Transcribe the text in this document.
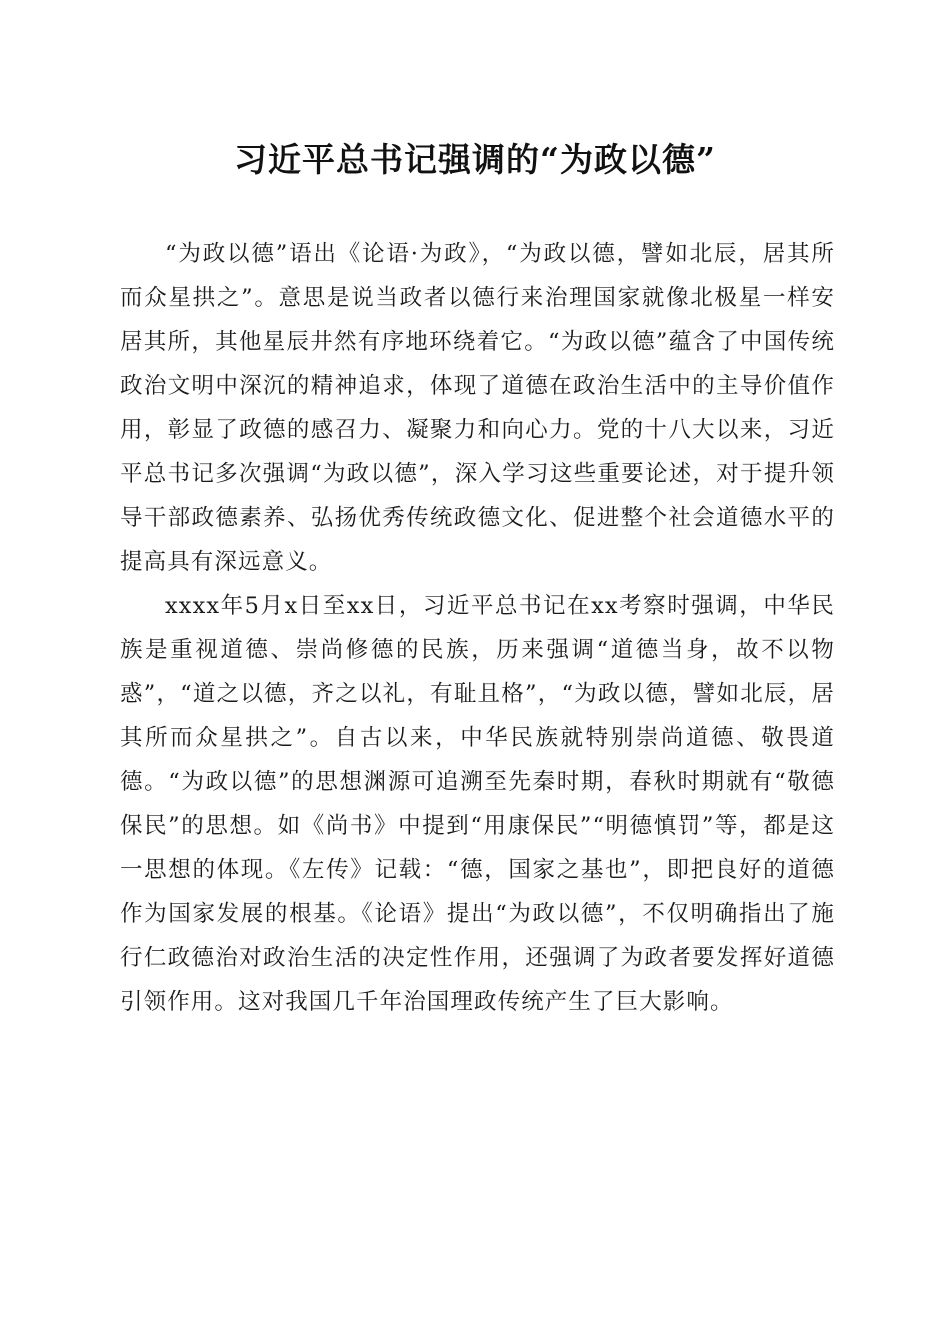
习近平总书记强调的“为政以德”

“为政以德”语出《论语·为政》，“为政以德，譬如北辰，居其所而众星拱之”。意思是说当政者以德行来治理国家就像北极星一样安居其所，其他星辰井然有序地环绕着它。“为政以德”蕴含了中国传统政治文明中深沉的精神追求，体现了道德在政治生活中的主导价值作用，彰显了政德的感召力、凝聚力和向心力。党的十八大以来，习近平总书记多次强调“为政以德”，深入学习这些重要论述，对于提升领导干部政德素养、弘扬优秀传统政德文化、促进整个社会道德水平的提高具有深远意义。

xxxx年5月x日至xx日，习近平总书记在xx考察时强调，中华民族是重视道德、崇尚修德的民族，历来强调“道德当身，故不以物惑”，“道之以德，齐之以礼，有耻且格”，“为政以德，譬如北辰，居其所而众星拱之”。自古以来，中华民族就特别崇尚道德、敬畏道德。“为政以德”的思想渊源可追溯至先秦时期，春秋时期就有“敬德保民”的思想。如《尚书》中提到“用康保民”“明德慎罚”等，都是这一思想的体现。《左传》记载：“德，国家之基也”，即把良好的道德作为国家发展的根基。《论语》提出“为政以德”，不仅明确指出了施行仁政德治对政治生活的决定性作用，还强调了为政者要发挥好道德引领作用。这对我国几千年治国理政传统产生了巨大影响。
